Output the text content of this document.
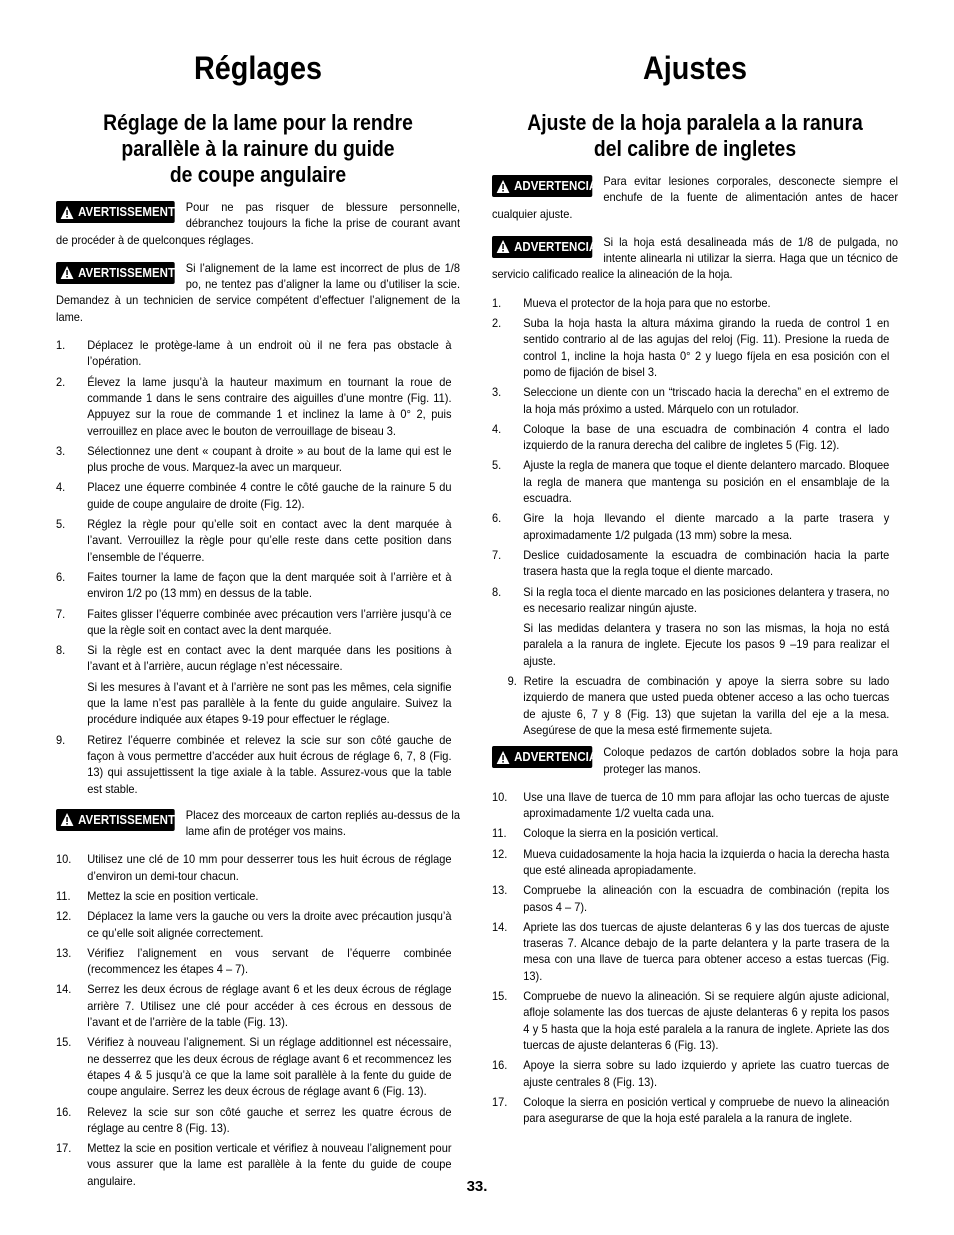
Réglages
Réglage de la lame pour la rendre
parallèle à la rainure du guide
de coupe angulaire

AVERTISSEMENT Pour ne pas risquer de blessure personnelle, débranchez toujours la fiche la prise de courant avant de procéder à de quelconques réglages.

AVERTISSEMENT Si l’alignement de la lame est incorrect de plus de 1/8 po, ne tentez pas d’aligner la lame ou d’utiliser la scie. Demandez à un technicien de service compétent d’effectuer l’alignement de la lame.

1. Déplacez le protège-lame à un endroit où il ne fera pas obstacle à l’opération.
2. Élevez la lame jusqu’à la hauteur maximum en tournant la roue de commande 1 dans le sens contraire des aiguilles d’une montre (Fig. 11). Appuyez sur la roue de commande 1 et inclinez la lame à 0° 2, puis verrouillez en place avec le bouton de verrouillage de biseau 3.
3. Sélectionnez une dent « coupant à droite » au bout de la lame qui est le plus proche de vous. Marquez-la avec un marqueur.
4. Placez une équerre combinée 4 contre le côté gauche de la rainure 5 du guide de coupe angulaire de droite (Fig. 12).
5. Réglez la règle pour qu’elle soit en contact avec la dent marquée à l’avant. Verrouillez la règle pour qu’elle reste dans cette position dans l’ensemble de l’équerre.
6. Faites tourner la lame de façon que la dent marquée soit à l’arrière et à environ 1/2 po (13 mm) en dessus de la table.
7. Faites glisser l’équerre combinée avec précaution vers l’arrière jusqu’à ce que la règle soit en contact avec la dent marquée.
8. Si la règle est en contact avec la dent marquée dans les positions à l’avant et à l’arrière, aucun réglage n’est nécessaire.
Si les mesures à l’avant et à l’arrière ne sont pas les mêmes, cela signifie que la lame n’est pas parallèle à la fente du guide angulaire. Suivez la procédure indiquée aux étapes 9-19 pour effectuer le réglage.
9. Retirez l’équerre combinée et relevez la scie sur son côté gauche de façon à vous permettre d’accéder aux huit écrous de réglage 6, 7, 8 (Fig. 13) qui assujettissent la tige axiale à la table. Assurez-vous que la table est stable.

AVERTISSEMENT Placez des morceaux de carton repliés au-dessus de la lame afin de protéger vos mains.

10. Utilisez une clé de 10 mm pour desserrer tous les huit écrous de réglage d’environ un demi-tour chacun.
11. Mettez la scie en position verticale.
12. Déplacez la lame vers la gauche ou vers la droite avec précaution jusqu’à ce qu’elle soit alignée correctement.
13. Vérifiez l’alignement en vous servant de l’équerre combinée (recommencez les étapes 4 – 7).
14. Serrez les deux écrous de réglage avant 6 et les deux écrous de réglage arrière 7. Utilisez une clé pour accéder à ces écrous en dessous de l’avant et de l’arrière de la table (Fig. 13).
15. Vérifiez à nouveau l’alignement. Si un réglage additionnel est nécessaire, ne desserrez que les deux écrous de réglage avant 6 et recommencez les étapes 4 & 5 jusqu’à ce que la lame soit parallèle à la fente du guide de coupe angulaire. Serrez les deux écrous de réglage avant 6 (Fig. 13).
16. Relevez la scie sur son côté gauche et serrez les quatre écrous de réglage au centre 8 (Fig. 13).
17. Mettez la scie en position verticale et vérifiez à nouveau l’alignement pour vous assurer que la lame est parallèle à la fente du guide de coupe angulaire.
Ajustes
Ajuste de la hoja paralela a la ranura
del calibre de ingletes

ADVERTENCIA Para evitar lesiones corporales, desconecte siempre el enchufe de la fuente de alimentación antes de hacer cualquier ajuste.

ADVERTENCIA Si la hoja está desalineada más de 1/8 de pulgada, no intente alinearla ni utilizar la sierra. Haga que un técnico de servicio calificado realice la alineación de la hoja.

1. Mueva el protector de la hoja para que no estorbe.
2. Suba la hoja hasta la altura máxima girando la rueda de control 1 en sentido contrario al de las agujas del reloj (Fig. 11). Presione la rueda de control 1, incline la hoja hasta 0° 2 y luego fíjela en esa posición con el pomo de fijación de bisel 3.
3. Seleccione un diente con un “triscado hacia la derecha” en el extremo de la hoja más próximo a usted. Márquelo con un rotulador.
4. Coloque la base de una escuadra de combinación 4 contra el lado izquierdo de la ranura derecha del calibre de ingletes 5 (Fig. 12).
5. Ajuste la regla de manera que toque el diente delantero marcado. Bloquee la regla de manera que mantenga su posición en el ensamblaje de la escuadra.
6. Gire la hoja llevando el diente marcado a la parte trasera y aproximadamente 1/2 pulgada (13 mm) sobre la mesa.
7. Deslice cuidadosamente la escuadra de combinación hacia la parte trasera hasta que la regla toque el diente marcado.
8. Si la regla toca el diente marcado en las posiciones delantera y trasera, no es necesario realizar ningún ajuste.
Si las medidas delantera y trasera no son las mismas, la hoja no está paralela a la ranura de inglete. Ejecute los pasos 9 –19 para realizar el ajuste.
9. Retire la escuadra de combinación y apoye la sierra sobre su lado izquierdo de manera que usted pueda obtener acceso a las ocho tuercas de ajuste 6, 7 y 8 (Fig. 13) que sujetan la varilla del eje a la mesa. Asegúrese de que la mesa esté firmemente sujeta.

ADVERTENCIA Coloque pedazos de cartón doblados sobre la hoja para proteger las manos.

10. Use una llave de tuerca de 10 mm para aflojar las ocho tuercas de ajuste aproximadamente 1/2 vuelta cada una.
11. Coloque la sierra en la posición vertical.
12. Mueva cuidadosamente la hoja hacia la izquierda o hacia la derecha hasta que esté alineada apropiadamente.
13. Compruebe la alineación con la escuadra de combinación (repita los pasos 4 – 7).
14. Apriete las dos tuercas de ajuste delanteras 6 y las dos tuercas de ajuste traseras 7. Alcance debajo de la parte delantera y la parte trasera de la mesa con una llave de tuerca para obtener acceso a estas tuercas (Fig. 13).
15. Compruebe de nuevo la alineación. Si se requiere algún ajuste adicional, afloje solamente las dos tuercas de ajuste delanteras 6 y repita los pasos 4 y 5 hasta que la hoja esté paralela a la ranura de inglete. Apriete las dos tuercas de ajuste delanteras 6 (Fig. 13).
16. Apoye la sierra sobre su lado izquierdo y apriete las cuatro tuercas de ajuste centrales 8 (Fig. 13).
17. Coloque la sierra en posición vertical y compruebe de nuevo la alineación para asegurarse de que la hoja esté paralela a la ranura de inglete.
33.
